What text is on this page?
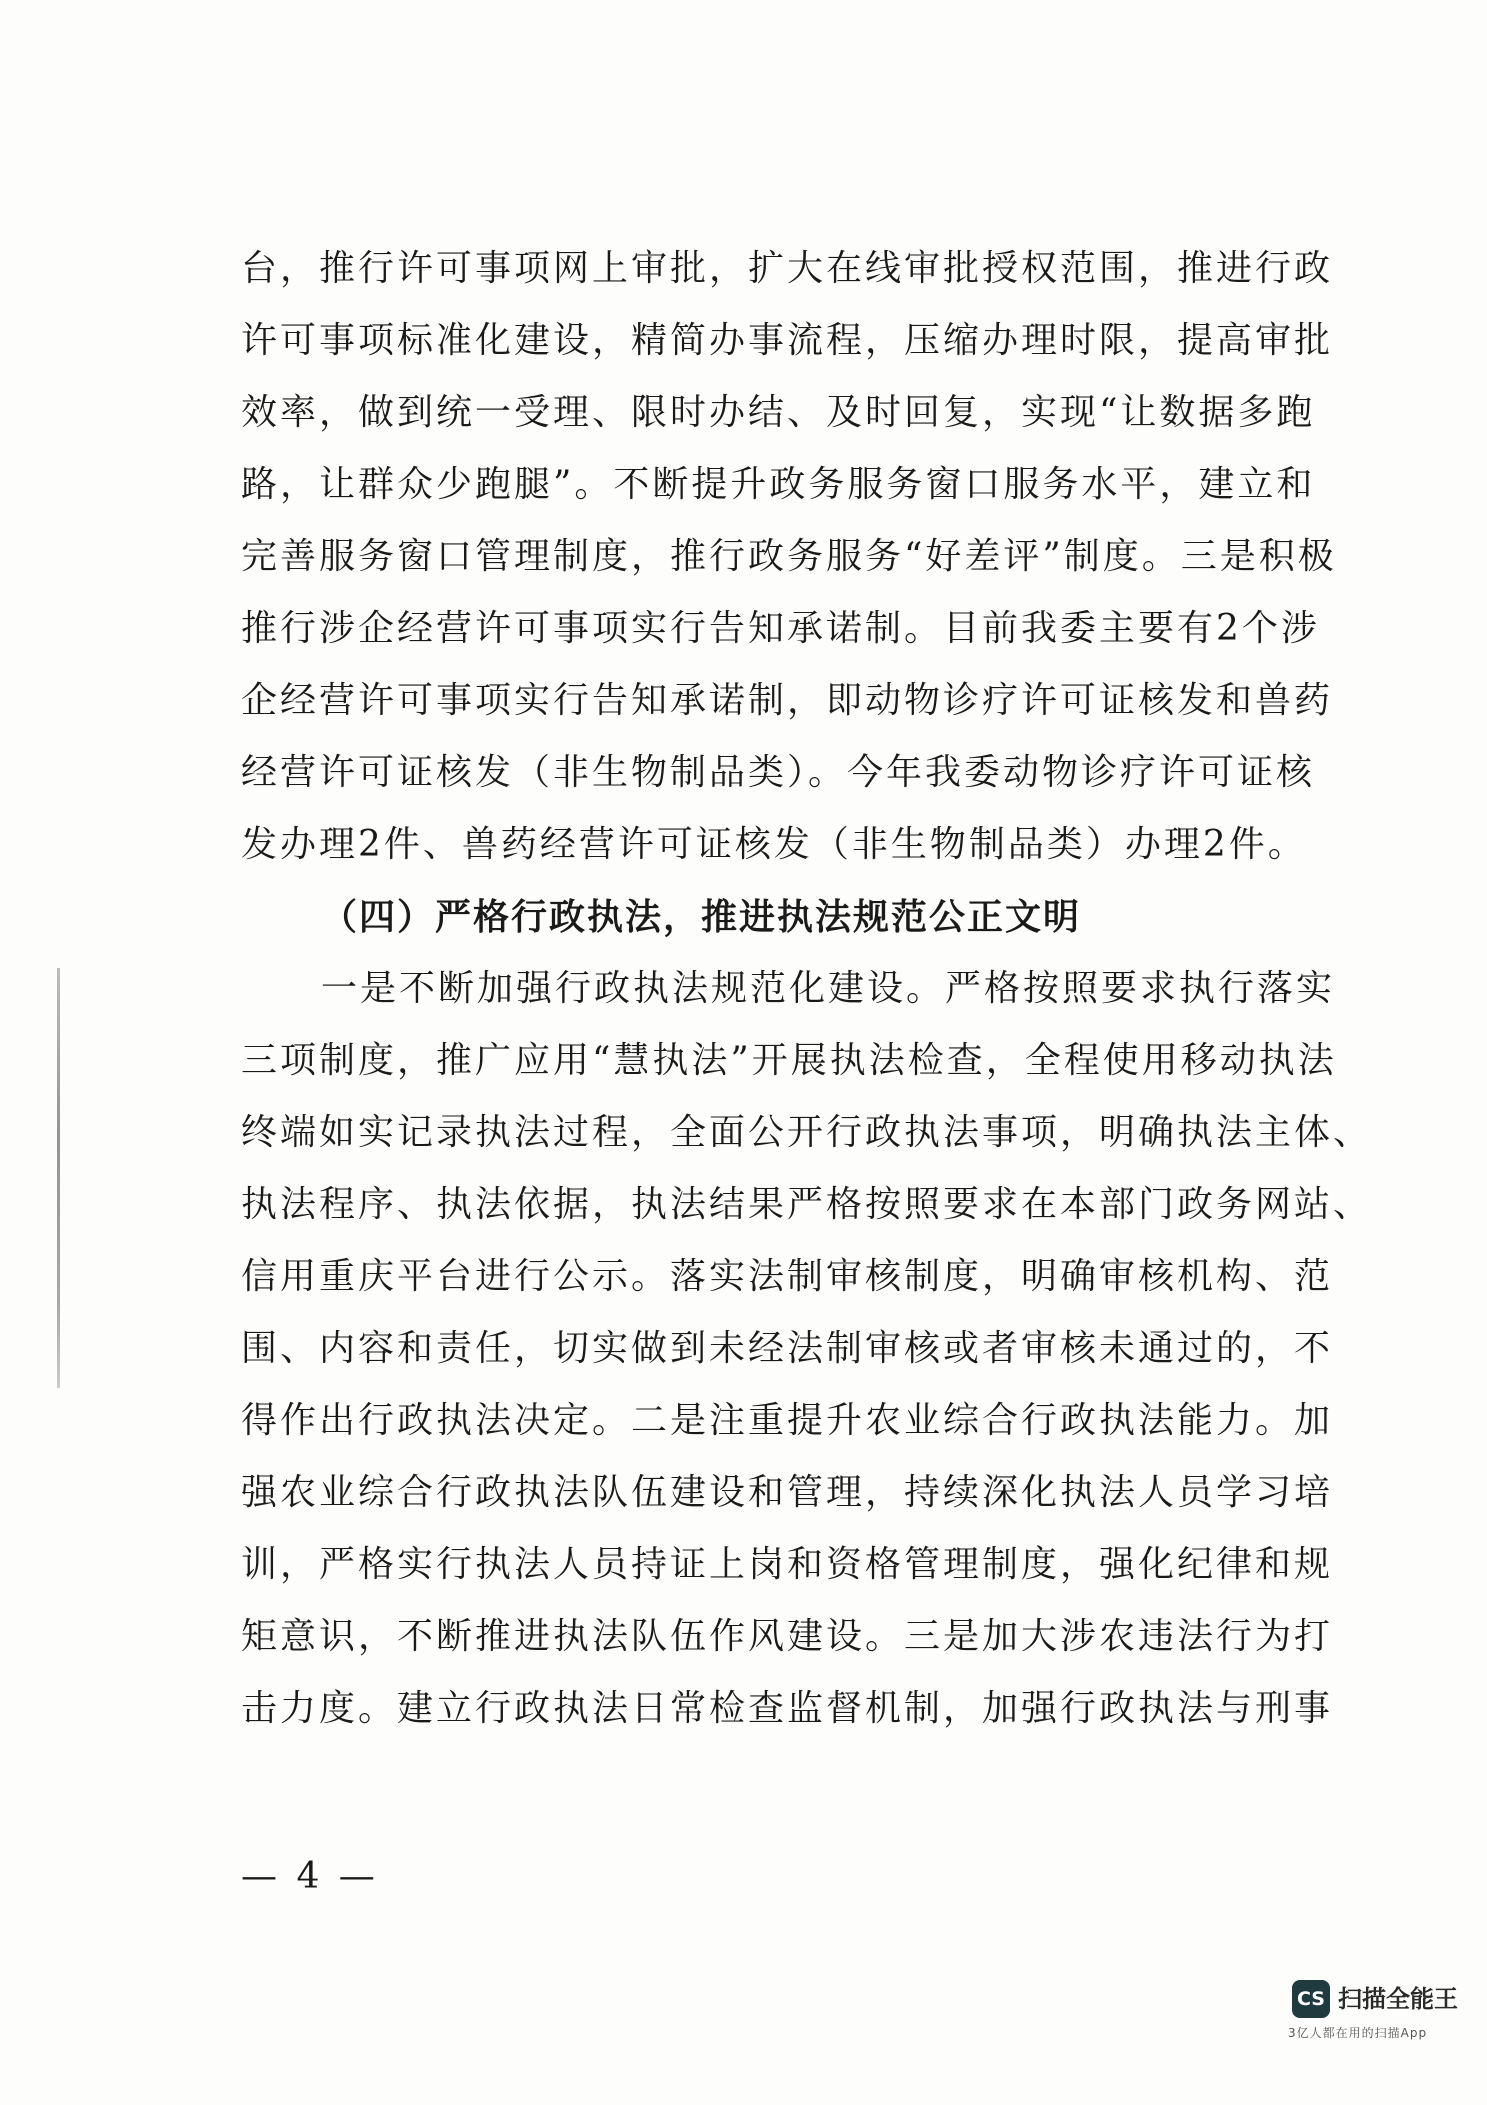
台，推行许可事项网上审批，扩大在线审批授权范围，推进行政
许可事项标准化建设，精简办事流程，压缩办理时限，提高审批
效率，做到统一受理、限时办结、及时回复，实现“让数据多跑
路，让群众少跑腿”。不断提升政务服务窗口服务水平，建立和
完善服务窗口管理制度，推行政务服务“好差评”制度。三是积极
推行涉企经营许可事项实行告知承诺制。目前我委主要有2个涉
企经营许可事项实行告知承诺制，即动物诊疗许可证核发和兽药
经营许可证核发（非生物制品类）。今年我委动物诊疗许可证核
发办理2件、兽药经营许可证核发（非生物制品类）办理2件。
（四）严格行政执法，推进执法规范公正文明
一是不断加强行政执法规范化建设。严格按照要求执行落实
三项制度，推广应用“慧执法”开展执法检查，全程使用移动执法
终端如实记录执法过程，全面公开行政执法事项，明确执法主体、
执法程序、执法依据，执法结果严格按照要求在本部门政务网站、
信用重庆平台进行公示。落实法制审核制度，明确审核机构、范
围、内容和责任，切实做到未经法制审核或者审核未通过的，不
得作出行政执法决定。二是注重提升农业综合行政执法能力。加
强农业综合行政执法队伍建设和管理，持续深化执法人员学习培
训，严格实行执法人员持证上岗和资格管理制度，强化纪律和规
矩意识，不断推进执法队伍作风建设。三是加大涉农违法行为打
击力度。建立行政执法日常检查监督机制，加强行政执法与刑事
— 4 —
CS 扫描全能王
3亿人都在用的扫描App
